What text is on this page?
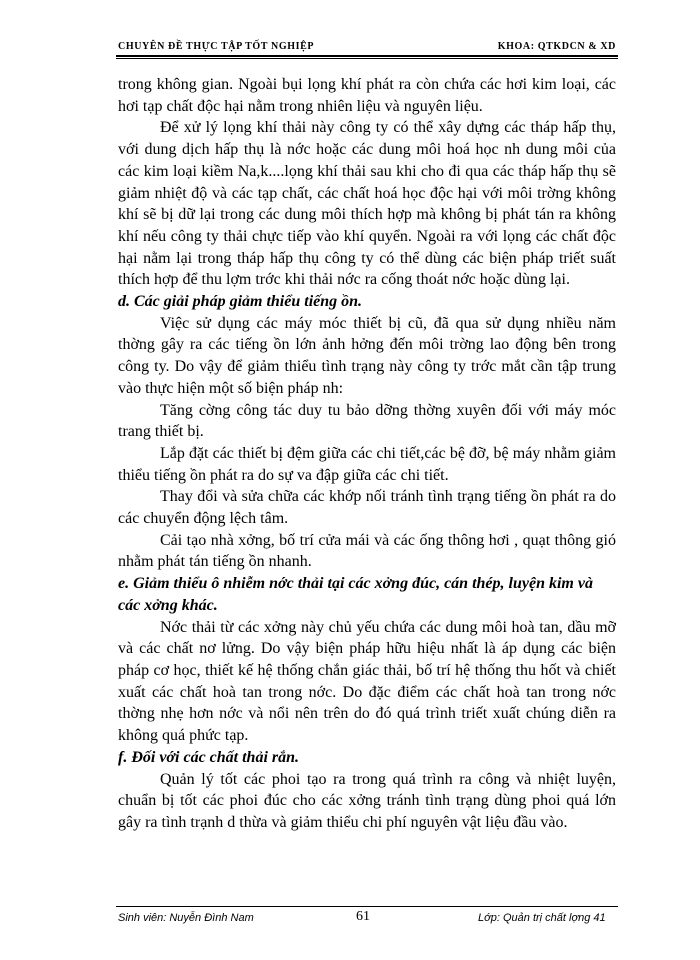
CHUYÊN ĐỀ THỰC TẬP TỐT NGHIỆP	KHOA: QTKDCN & XD

trong không gian. Ngoài bụi lọng khí phát ra còn chứa các hơi kim loại, các hơi tạp chất độc hại nằm trong nhiên liệu và nguyên liệu.

Để xử lý lọng khí thải này công ty có thể xây dựng các tháp hấp thụ, với dung dịch hấp thụ là nớc hoặc các dung môi hoá học nh dung môi của các kim loại kiềm Na,k....lọng khí thải sau khi cho đi qua các tháp hấp thụ sẽ giảm nhiệt độ và các tạp chất, các chất hoá học độc hại với môi trờng không khí sẽ bị dữ lại trong các dung môi thích hợp mà không bị phát tán ra không khí nếu công ty thải chực tiếp vào khí quyển. Ngoài ra với lọng các chất độc hại nằm lại trong tháp hấp thụ công ty có thể dùng các biện pháp triết suất thích hợp để thu lợm trớc khi thải nớc ra cống thoát nớc hoặc dùng lại.

d. Các giải pháp giảm thiểu tiếng ồn.

Việc sử dụng các máy móc thiết bị cũ, đã qua sử dụng nhiều năm thờng gây ra các tiếng ồn lớn ảnh hởng đến môi trờng lao động bên trong công ty. Do vậy để giảm thiểu tình trạng này công ty trớc mắt cần tập trung vào thực hiện một số biện pháp nh:

Tăng cờng công tác duy tu bảo dỡng thờng xuyên đối với máy móc trang thiết bị.

Lắp đặt các thiết bị đệm giữa các chi tiết,các bệ đỡ, bệ máy nhằm giảm thiểu tiếng ồn phát ra do sự va đập giữa các chi tiết.

Thay đổi và sửa chữa các khớp nối tránh tình trạng tiếng ồn phát ra do các chuyển động lệch tâm.

Cải tạo nhà xởng, bố trí cửa mái và các ống thông hơi , quạt thông gió nhằm phát tán tiếng ồn nhanh.

e. Giảm thiểu ô nhiễm nớc thải tại các xởng đúc, cán thép, luyện kim và các xởng khác.

Nớc thải từ các xởng này chủ yếu chứa các dung môi hoà tan, dầu mỡ và các chất nơ lửng. Do vậy biện pháp hữu hiệu nhất là áp dụng các biện pháp cơ học, thiết kế hệ thống chắn giác thải, bố trí hệ thống thu hốt và chiết xuất các chất hoà tan trong nớc. Do đặc điểm các chất hoà tan trong nớc thờng nhẹ hơn nớc và nổi nên trên do đó quá trình triết xuất chúng diễn ra không quá phức tạp.

f. Đối với các chất thải rắn.

Quản lý tốt các phoi tạo ra trong quá trình ra công và nhiệt luyện, chuẩn bị tốt các phoi đúc cho các xởng tránh tình trạng dùng phoi quá lớn gây ra tình trạnh d thừa và giảm thiểu chi phí nguyên vật liệu đầu vào.

Sinh viên: Nuyễn Đình Nam	61	Lớp: Quản trị chất lợng 41
